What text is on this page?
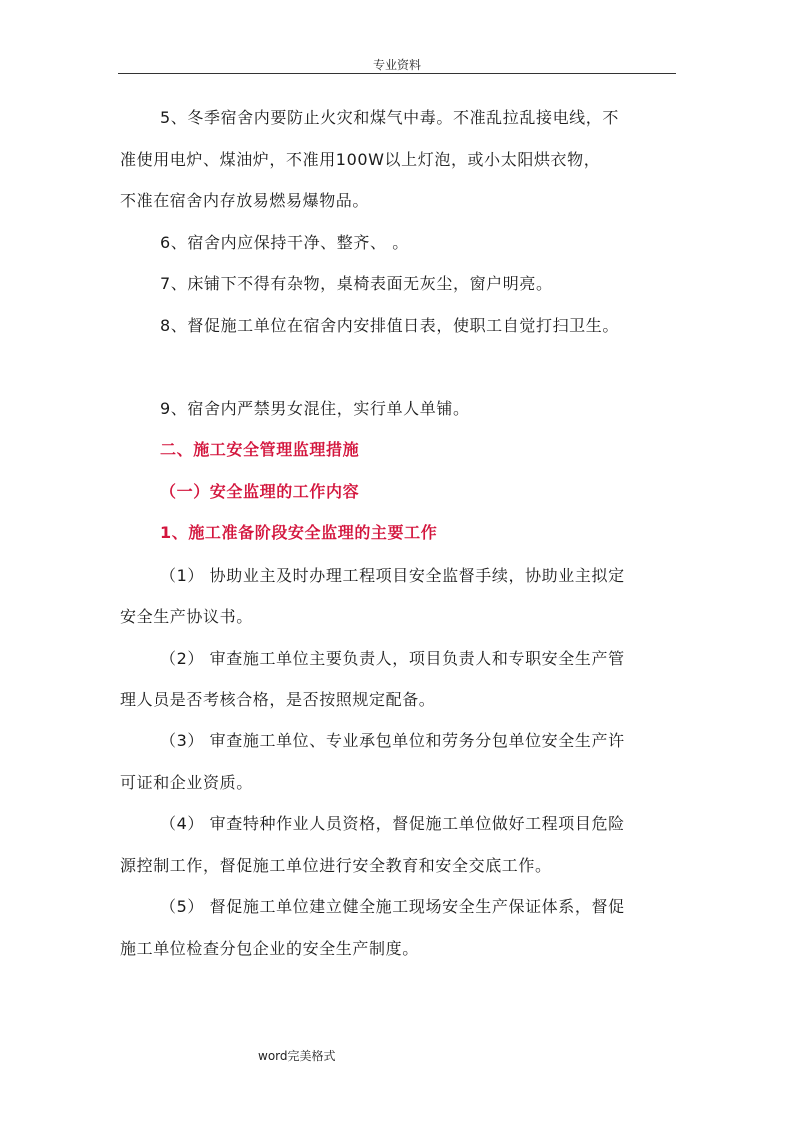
专业资料
5、冬季宿舍内要防止火灾和煤气中毒。不准乱拉乱接电线，不
准使用电炉、煤油炉，不准用100W以上灯泡，或小太阳烘衣物，
不准在宿舍内存放易燃易爆物品。
6、宿舍内应保持干净、整齐、 。
7、床铺下不得有杂物，桌椅表面无灰尘，窗户明亮。
8、督促施工单位在宿舍内安排值日表，使职工自觉打扫卫生。
9、宿舍内严禁男女混住，实行单人单铺。
二、施工安全管理监理措施
（一）安全监理的工作内容
1、施工准备阶段安全监理的主要工作
（1） 协助业主及时办理工程项目安全监督手续，协助业主拟定
安全生产协议书。
（2） 审查施工单位主要负责人，项目负责人和专职安全生产管
理人员是否考核合格，是否按照规定配备。
（3） 审查施工单位、专业承包单位和劳务分包单位安全生产许
可证和企业资质。
（4） 审查特种作业人员资格，督促施工单位做好工程项目危险
源控制工作，督促施工单位进行安全教育和安全交底工作。
（5） 督促施工单位建立健全施工现场安全生产保证体系，督促
施工单位检查分包企业的安全生产制度。
word完美格式
